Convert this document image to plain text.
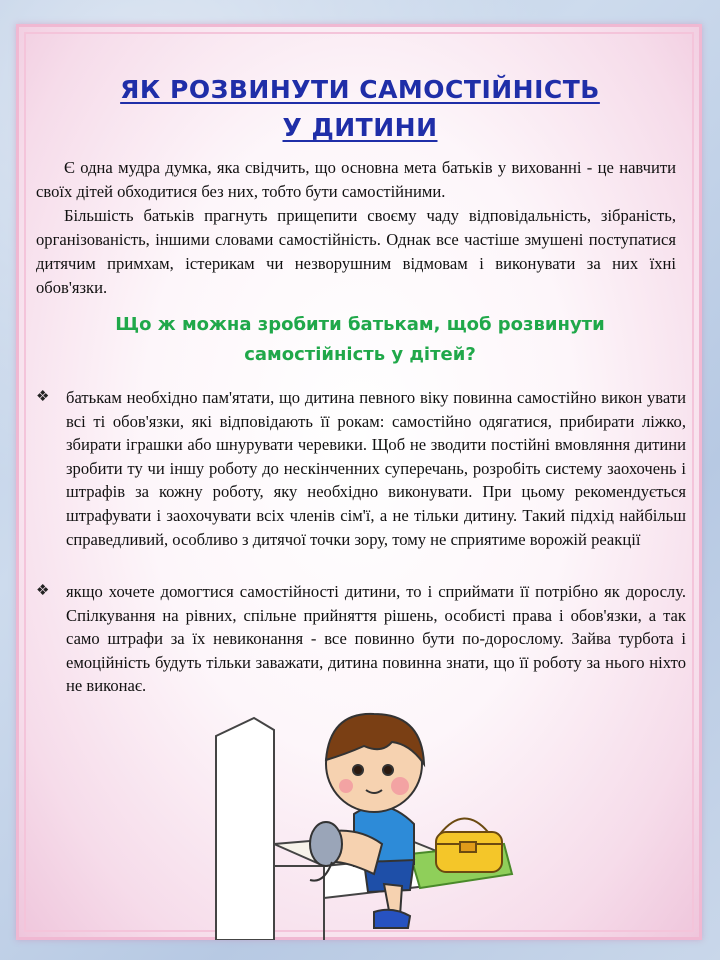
ЯК РОЗВИНУТИ САМОСТІЙНІСТЬ
У ДИТИНИ

Є одна мудра думка, яка свідчить, що основна мета батьків у вихованні - це навчити своїх дітей обходитися без них, тобто бути самостійними.

Більшість батьків прагнуть прищепити своєму чаду відповідальність, зібраність, організованість, іншими словами самостійність. Однак все частіше змушені поступатися дитячим примхам, істерикам чи незворушним відмовам і виконувати за них їхні обов'язки.

Що ж можна зробити батькам, щоб розвинути
самостійність у дітей?
❖ батькам необхідно пам'ятати, що дитина певного віку повинна самостійно викон увати всі ті обов'язки, які відповідають її рокам: самостійно одягатися, прибирати ліжко, збирати іграшки або шнурувати черевики. Щоб не зводити постійні вмовляння дитини зробити ту чи іншу роботу до нескінченних суперечань, розробіть систему заохочень і штрафів за кожну роботу, яку необхідно виконувати. При цьому рекомендується штрафувати і заохочувати всіх членів сім'ї, а не тільки дитину. Такий підхід найбільш справедливий, особливо з дитячої точки зору, тому не сприятиме ворожій реакції
❖ якщо хочете домогтися самостійності дитини, то і сприймати її потрібно як дорослу. Спілкування на рівних, спільне прийняття рішень, особисті права і обов'язки, а так само штрафи за їх невиконання - все повинно бути по-дорослому. Зайва турбота і емоційність будуть тільки заважати, дитина повинна знати, що її роботу за нього ніхто не виконає.
